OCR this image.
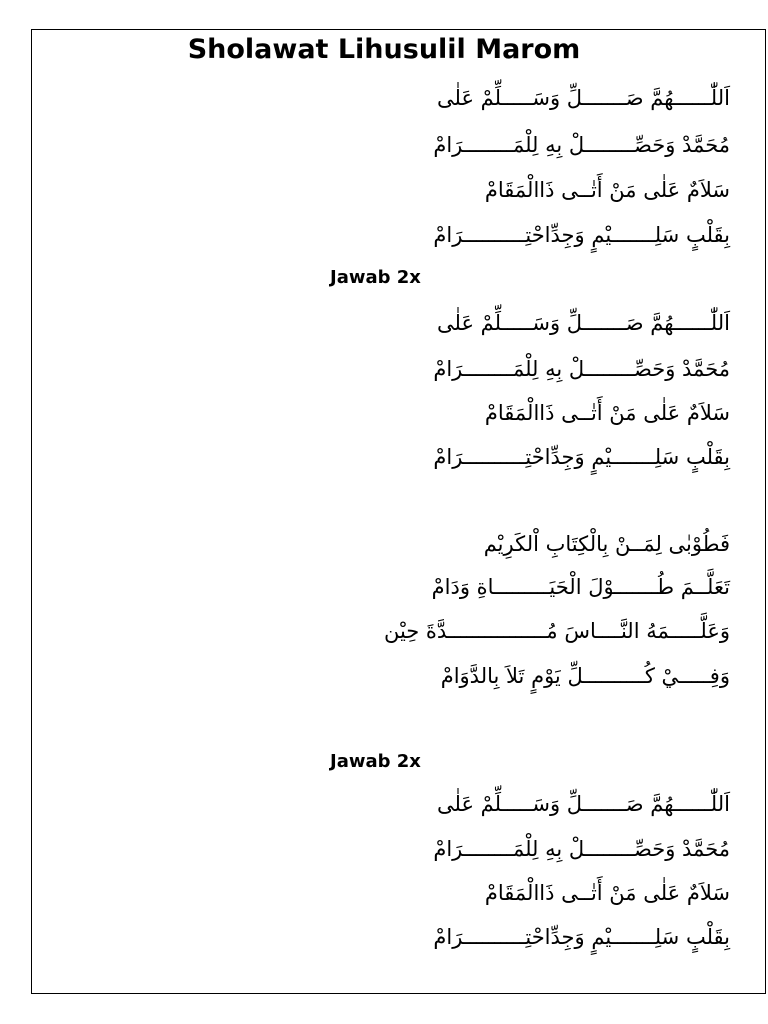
Sholawat Lihusulil Marom
اَللّٰــــــهُمَّ صَـــــــلِّ وَسَـــــلِّمْ عَلٰى
مُحَمَّدْ وَحَصِّــــــــلْ بِهِ لِلْمَــــــــرَامْ
سَلاَمٌ عَلٰى مَنْ أَتٰــى ذَاالْمَقَامْ
بِقَلْبٍ سَلِـــــــيْمٍ وَجِدِّاحْتِــــــــــرَامْ
Jawab 2x
اَللّٰــــــهُمَّ صَـــــــلِّ وَسَـــــلِّمْ عَلٰى
مُحَمَّدْ وَحَصِّــــــــلْ بِهِ لِلْمَــــــــرَامْ
سَلاَمٌ عَلٰى مَنْ أَتٰــى ذَاالْمَقَامْ
بِقَلْبٍ سَلِـــــــيْمٍ وَجِدِّاحْتِــــــــــرَامْ
فَطُوْبٰى لِمَــنْ بِالْكِتَابِ اْلكَرِيْم
تَعَلَّــمَ طُـــــــوْلَ الْحَيَـــــــــاةِ وَدَامْ
وَعَلَّـــــمَهُ النَّــــاسَ مُــــــــــــــــدَّةَ حِيْن
وَفِـــــيْ كُــــــــــلِّ يَوْمٍ تَلاَ بِالدَّوَامْ
Jawab 2x
اَللّٰــــــهُمَّ صَـــــــلِّ وَسَـــــلِّمْ عَلٰى
مُحَمَّدْ وَحَصِّــــــــلْ بِهِ لِلْمَــــــــرَامْ
سَلاَمٌ عَلٰى مَنْ أَتٰــى ذَاالْمَقَامْ
بِقَلْبٍ سَلِـــــــيْمٍ وَجِدِّاحْتِــــــــــرَامْ
